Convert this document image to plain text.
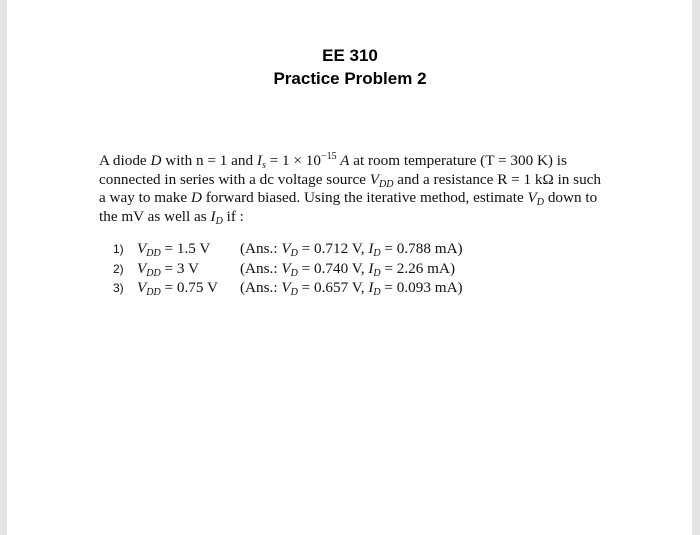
EE 310
Practice Problem 2
A diode D with n = 1 and $I_s = 1 \times 10^{-15}$ A at room temperature (T = 300 K) is connected in series with a dc voltage source $V_{DD}$ and a resistance R = 1 kΩ in such a way to make D forward biased. Using the iterative method, estimate $V_D$ down to the mV as well as $I_D$ if :
1) $V_{DD} = 1.5$ V (Ans.: $V_D = 0.712$ V, $I_D = 0.788$ mA)
2) $V_{DD} = 3$ V	(Ans.: $V_D = 0.740$ V, $I_D = 2.26$ mA)
3) $V_{DD} = 0.75$ V (Ans.: $V_D = 0.657$ V, $I_D = 0.093$ mA)
